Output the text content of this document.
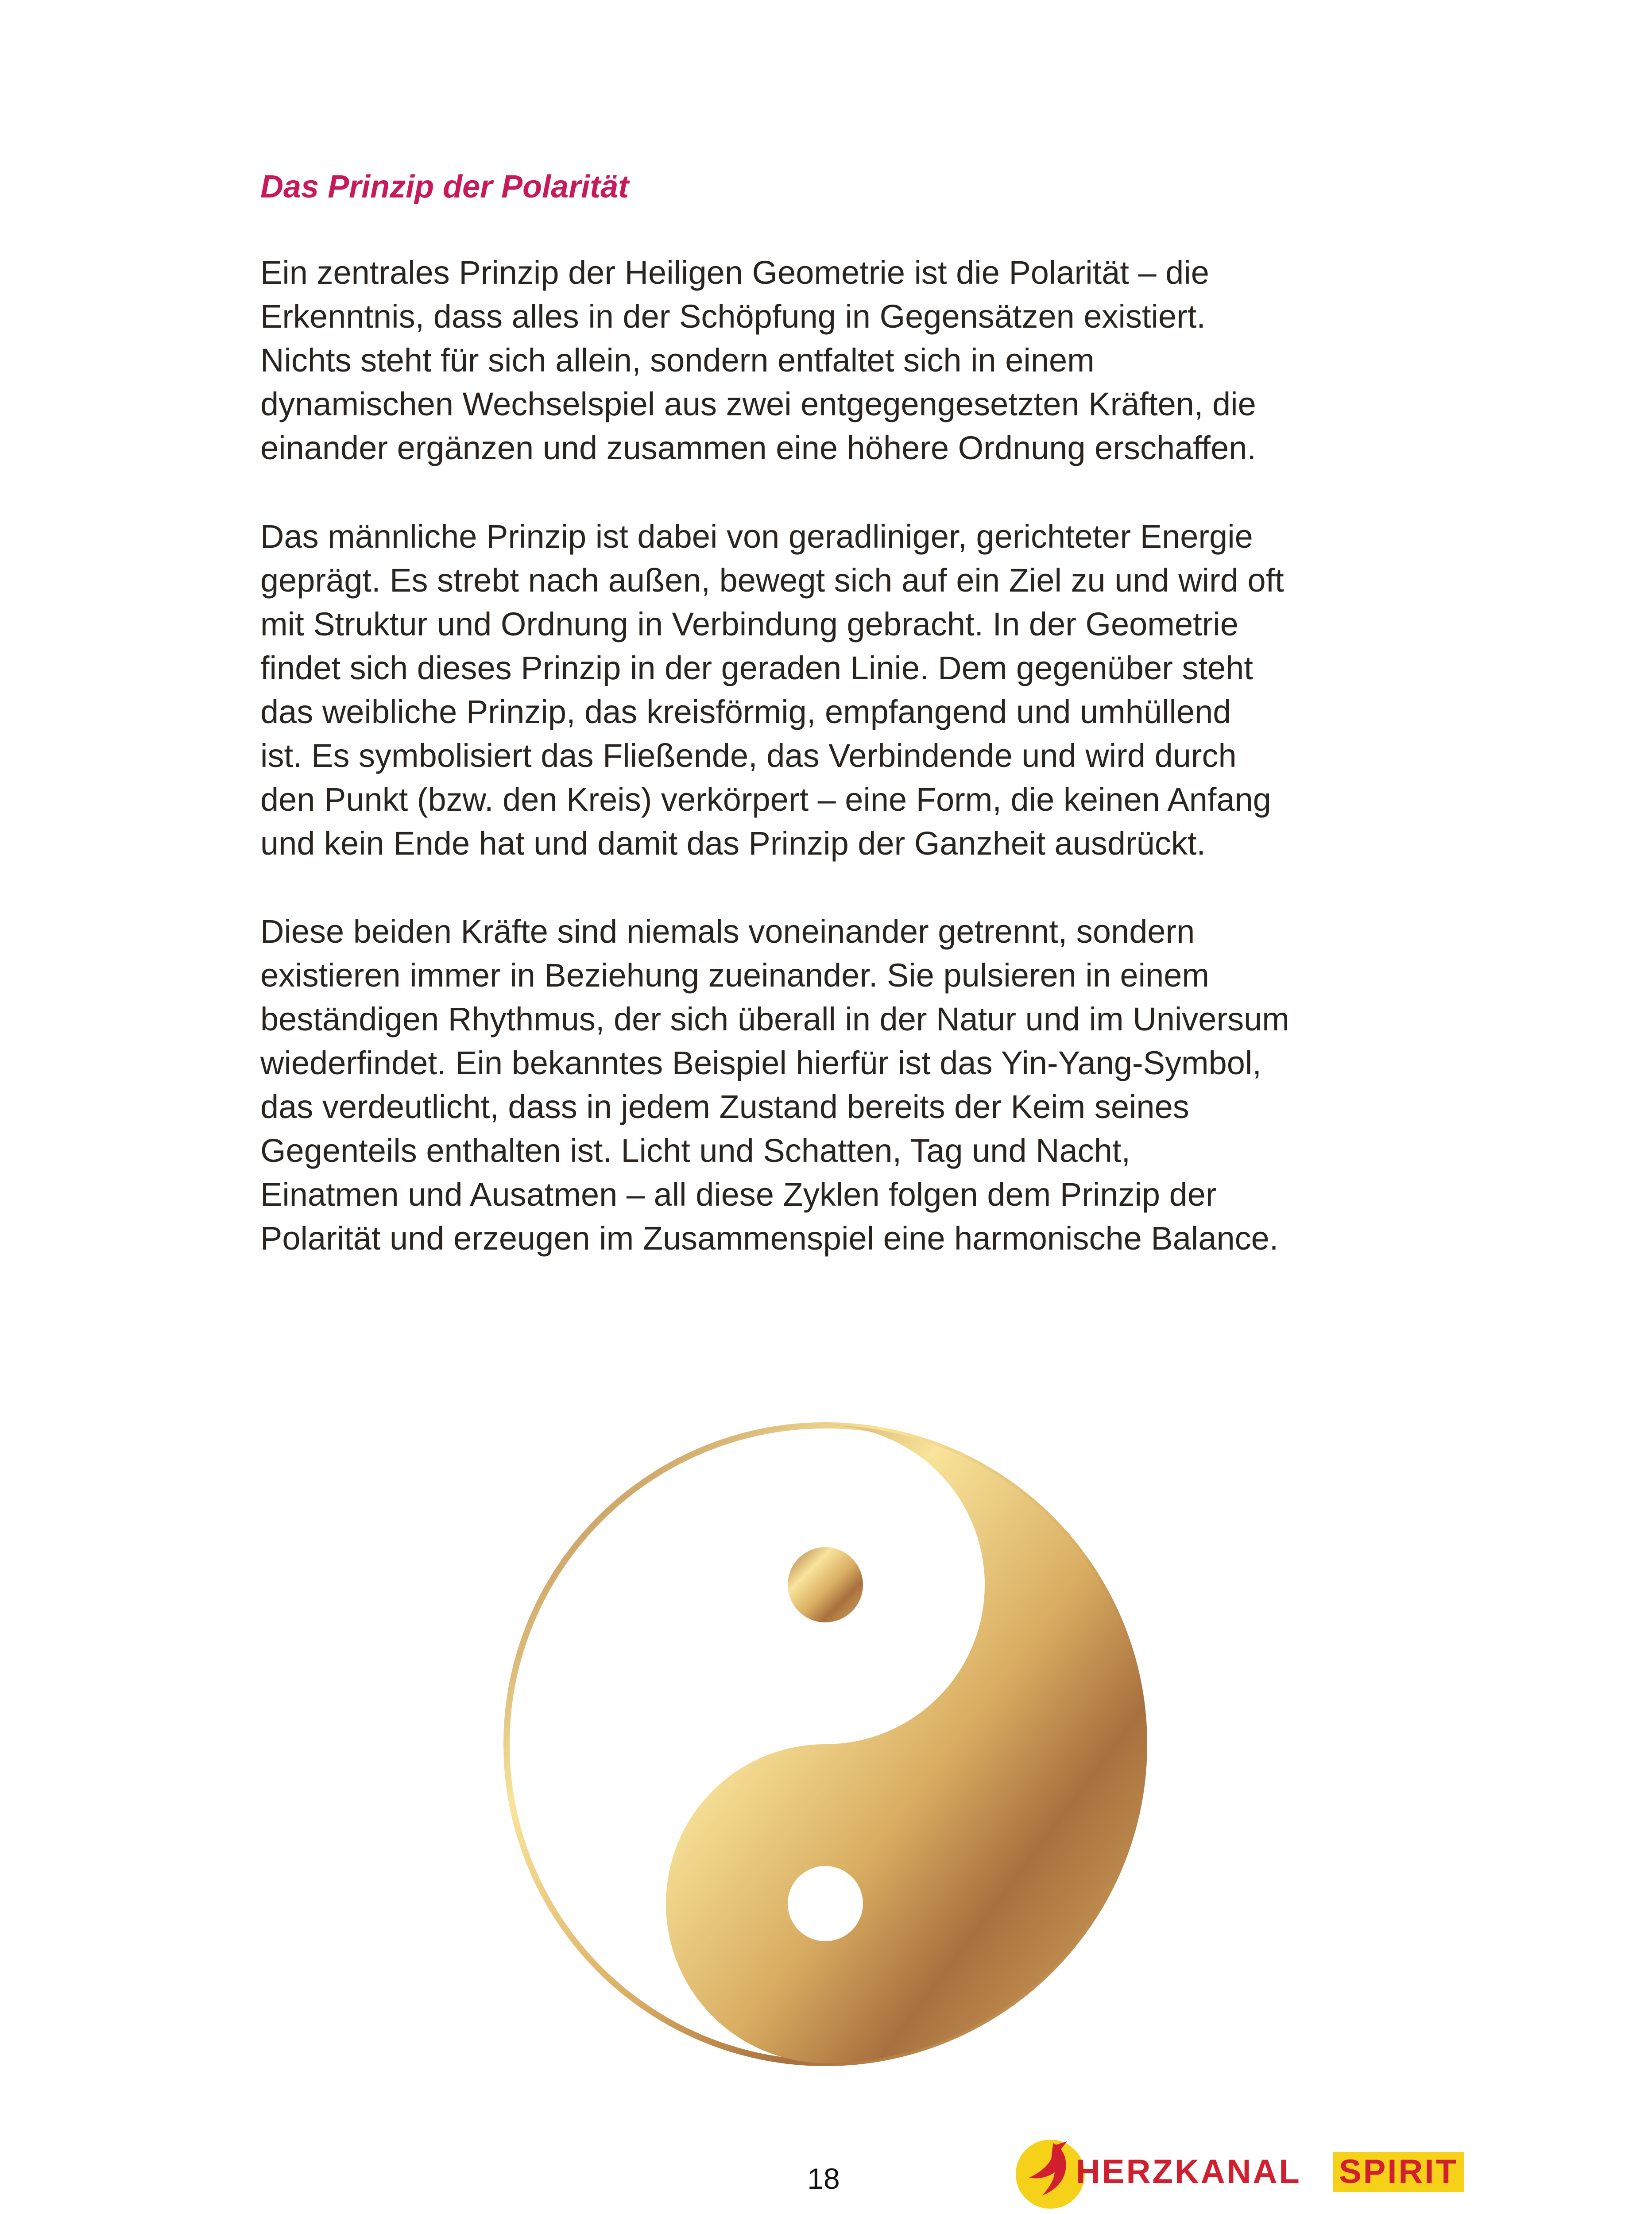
Das Prinzip der Polarität

Ein zentrales Prinzip der Heiligen Geometrie ist die Polarität – die
Erkenntnis, dass alles in der Schöpfung in Gegensätzen existiert.
Nichts steht für sich allein, sondern entfaltet sich in einem
dynamischen Wechselspiel aus zwei entgegengesetzten Kräften, die
einander ergänzen und zusammen eine höhere Ordnung erschaffen.

Das männliche Prinzip ist dabei von geradliniger, gerichteter Energie
geprägt. Es strebt nach außen, bewegt sich auf ein Ziel zu und wird oft
mit Struktur und Ordnung in Verbindung gebracht. In der Geometrie
findet sich dieses Prinzip in der geraden Linie. Dem gegenüber steht
das weibliche Prinzip, das kreisförmig, empfangend und umhüllend
ist. Es symbolisiert das Fließende, das Verbindende und wird durch
den Punkt (bzw. den Kreis) verkörpert – eine Form, die keinen Anfang
und kein Ende hat und damit das Prinzip der Ganzheit ausdrückt.

Diese beiden Kräfte sind niemals voneinander getrennt, sondern
existieren immer in Beziehung zueinander. Sie pulsieren in einem
beständigen Rhythmus, der sich überall in der Natur und im Universum
wiederfindet. Ein bekanntes Beispiel hierfür ist das Yin-Yang-Symbol,
das verdeutlicht, dass in jedem Zustand bereits der Keim seines
Gegenteils enthalten ist. Licht und Schatten, Tag und Nacht,
Einatmen und Ausatmen – all diese Zyklen folgen dem Prinzip der
Polarität und erzeugen im Zusammenspiel eine harmonische Balance.

18	HERZKANAL SPIRIT
